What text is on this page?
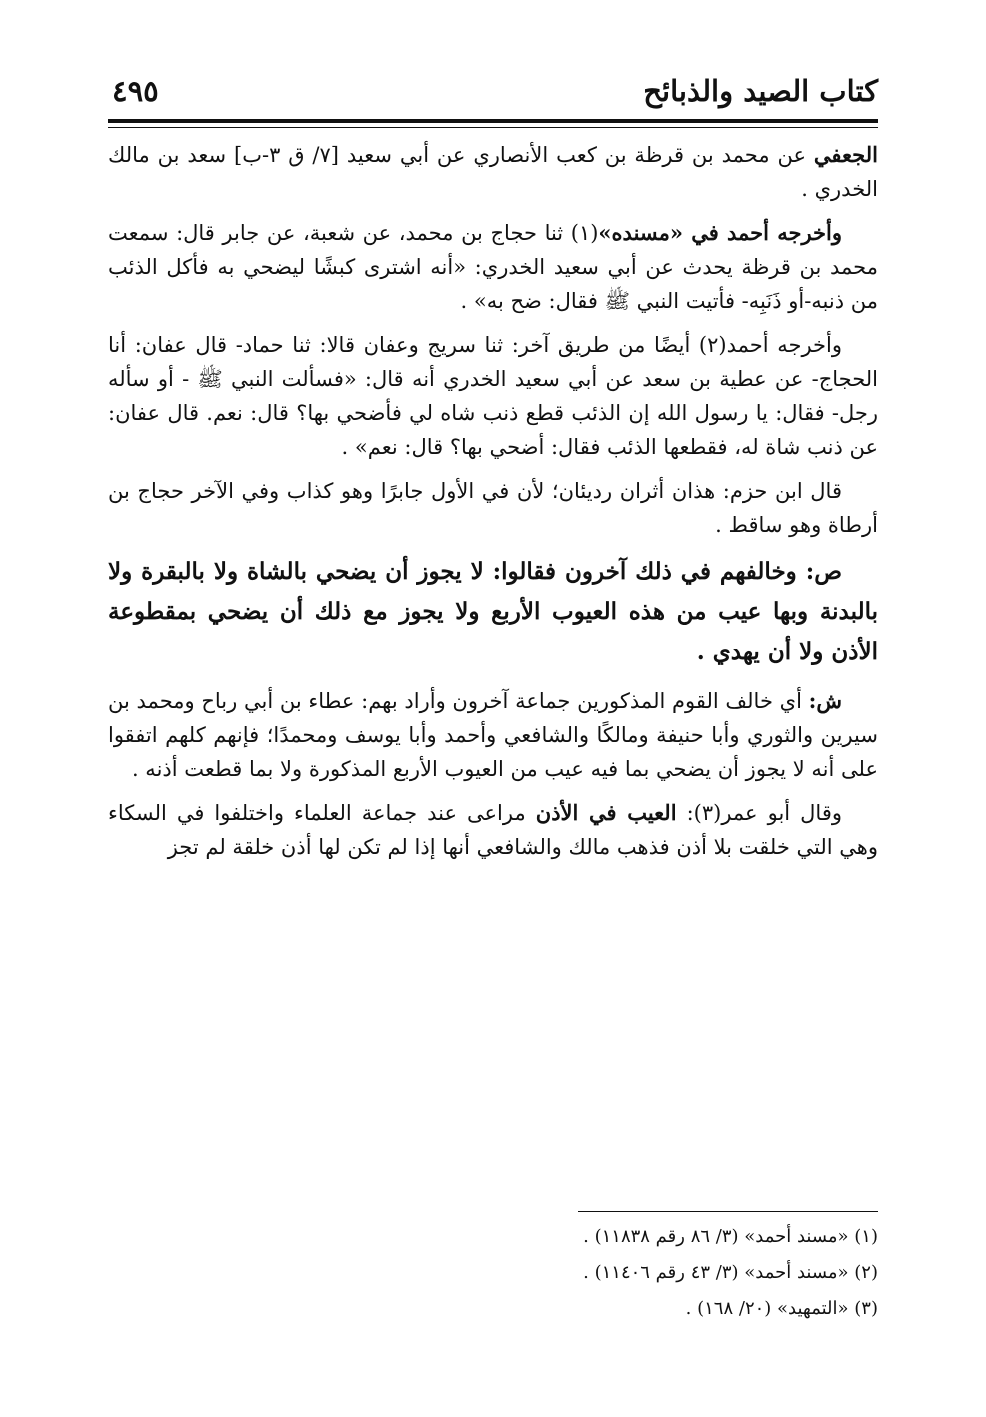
كتاب الصيد والذبائح
٤٩٥

الجعفي عن محمد بن قرظة بن كعب الأنصاري عن أبي سعيد [٧/ ق ٣-ب] سعد بن مالك الخدري .

وأخرجه أحمد في «مسنده»(١) ثنا حجاج بن محمد، عن شعبة، عن جابر قال: سمعت محمد بن قرظة يحدث عن أبي سعيد الخدري: «أنه اشترى كبشًا ليضحي به فأكل الذئب من ذنبه-أو ذَنَبِه- فأتيت النبي ﷺ فقال: ضح به» .

وأخرجه أحمد(٢) أيضًا من طريق آخر: ثنا سريج وعفان قالا: ثنا حماد- قال عفان: أنا الحجاج- عن عطية بن سعد عن أبي سعيد الخدري أنه قال: «فسألت النبي ﷺ - أو سأله رجل- فقال: يا رسول الله إن الذئب قطع ذنب شاه لي فأضحي بها؟ قال: نعم. قال عفان: عن ذنب شاة له، فقطعها الذئب فقال: أضحي بها؟ قال: نعم» .

قال ابن حزم: هذان أثران رديئان؛ لأن في الأول جابرًا وهو كذاب وفي الآخر حجاج بن أرطاة وهو ساقط .

ص: وخالفهم في ذلك آخرون فقالوا: لا يجوز أن يضحي بالشاة ولا بالبقرة ولا بالبدنة وبها عيب من هذه العيوب الأربع ولا يجوز مع ذلك أن يضحي بمقطوعة الأذن ولا أن يهدي .

ش: أي خالف القوم المذكورين جماعة آخرون وأراد بهم: عطاء بن أبي رباح ومحمد بن سيرين والثوري وأبا حنيفة ومالكًا والشافعي وأحمد وأبا يوسف ومحمدًا؛ فإنهم كلهم اتفقوا على أنه لا يجوز أن يضحي بما فيه عيب من العيوب الأربع المذكورة ولا بما قطعت أذنه .

وقال أبو عمر(٣): العيب في الأذن مراعى عند جماعة العلماء واختلفوا في السكاء وهي التي خلقت بلا أذن فذهب مالك والشافعي أنها إذا لم تكن لها أذن خلقة لم تجز

(١) «مسند أحمد» (٣/ ٨٦ رقم ١١٨٣٨) .

(٢) «مسند أحمد» (٣/ ٤٣ رقم ١١٤٠٦) .

(٣) «التمهيد» (٢٠/ ١٦٨) .
